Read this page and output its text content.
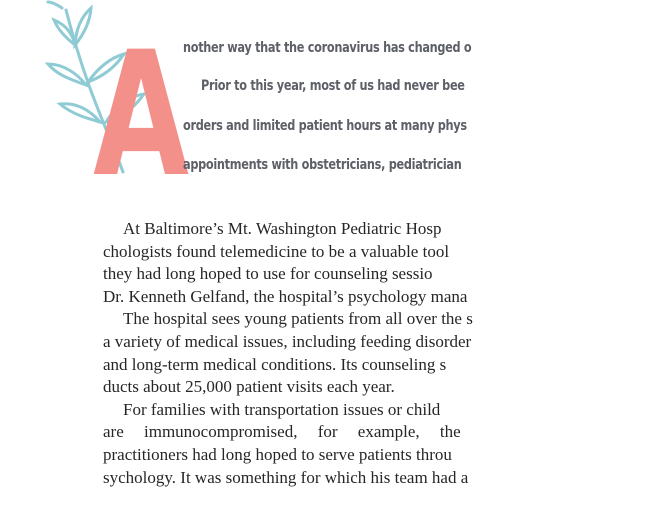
A
nother way that the coronavirus has changed o
Prior to this year, most of us had never bee
orders and limited patient hours at many phys
appointments with obstetricians, pediatrician
At Baltimore’s Mt. Washington Pediatric Hosp
chologists found telemedicine to be a valuable tool
they had long hoped to use for counseling sessio
Dr. Kenneth Gelfand, the hospital’s psychology mana
The hospital sees young patients from all over the s
a variety of medical issues, including feeding disorder
and long-term medical conditions. Its counseling s
ducts about 25,000 patient visits each year.
For families with transportation issues or child
are immunocompromised, for example, the
practitioners had long hoped to serve patients throu
sychology. It was something for which his team had a
